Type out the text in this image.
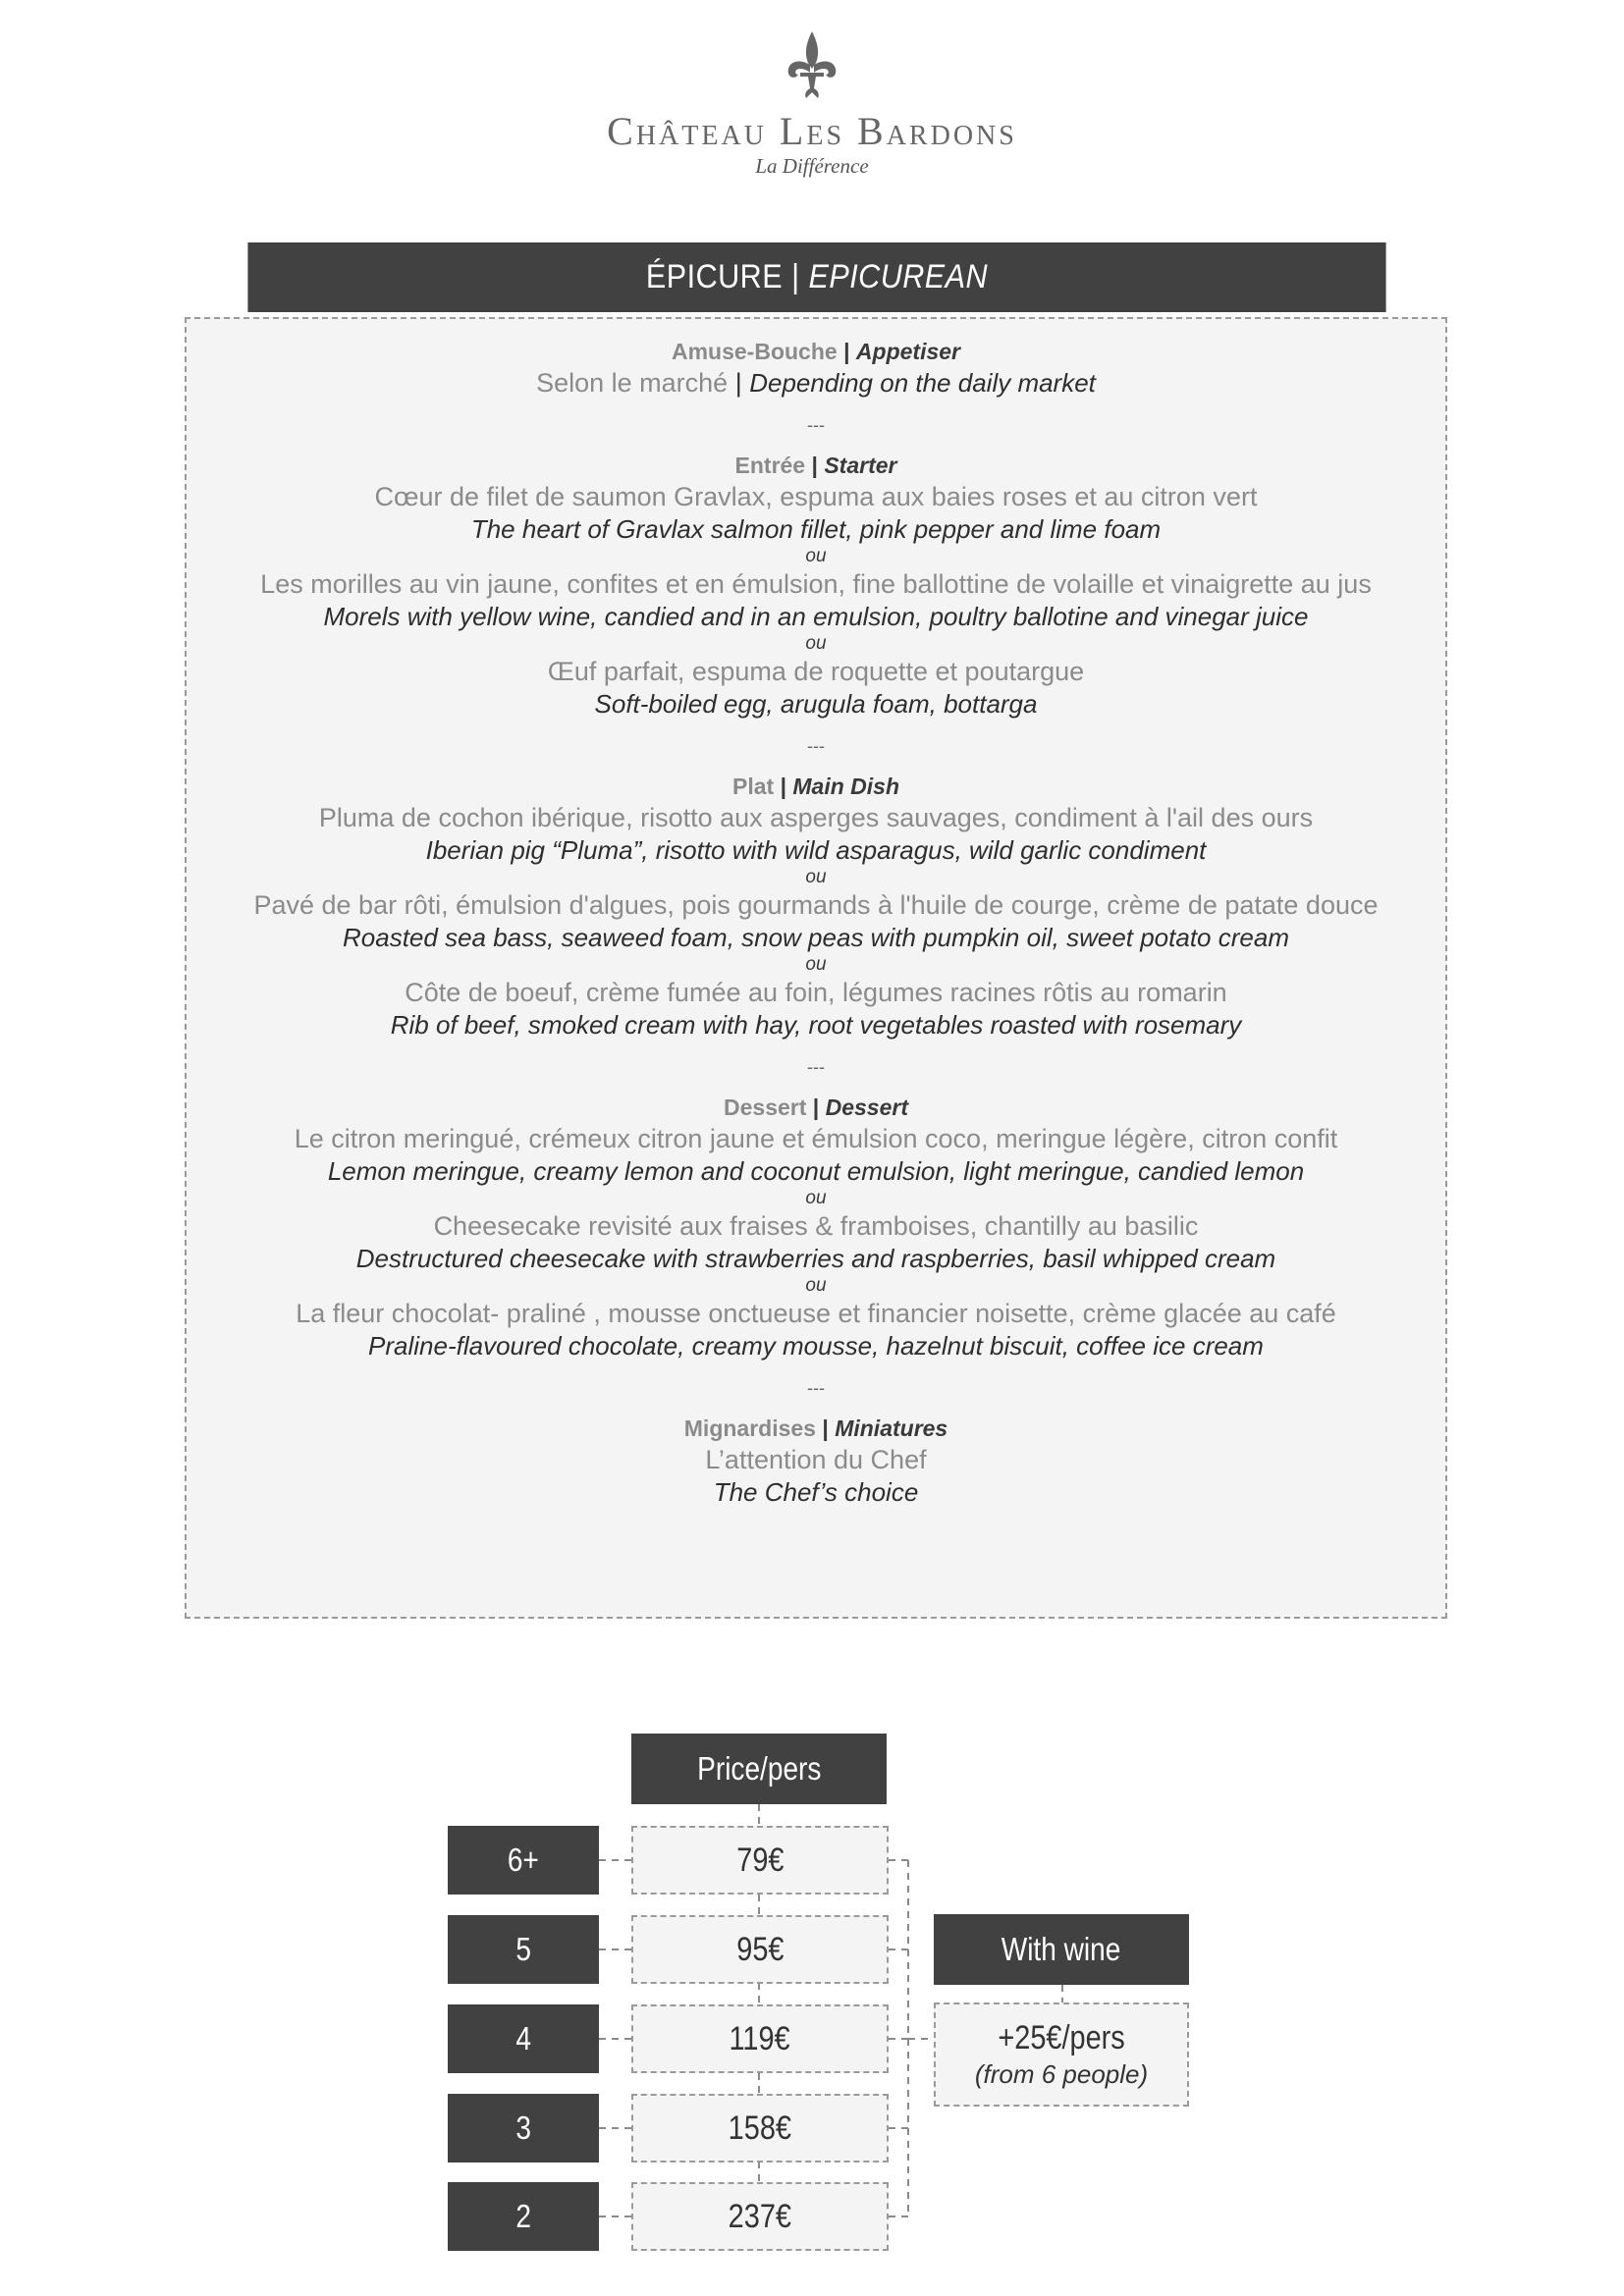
Château Les Bardons
La Différence
ÉPICURE | EPICUREAN
Amuse-Bouche | Appetiser
Selon le marché | Depending on the daily market
---
Entrée | Starter
Cœur de filet de saumon Gravlax, espuma aux baies roses et au citron vert
The heart of Gravlax salmon fillet, pink pepper and lime foam
ou
Les morilles au vin jaune, confites et en émulsion, fine ballottine de volaille et vinaigrette au jus
Morels with yellow wine, candied and in an emulsion, poultry ballotine and vinegar juice
ou
Œuf parfait, espuma de roquette et poutargue
Soft-boiled egg, arugula foam, bottarga
---
Plat | Main Dish
Pluma de cochon ibérique, risotto aux asperges sauvages, condiment à l'ail des ours
Iberian pig “Pluma”, risotto with wild asparagus, wild garlic condiment
ou
Pavé de bar rôti, émulsion d'algues, pois gourmands à l'huile de courge, crème de patate douce
Roasted sea bass, seaweed foam, snow peas with pumpkin oil, sweet potato cream
ou
Côte de boeuf, crème fumée au foin, légumes racines rôtis au romarin
Rib of beef, smoked cream with hay, root vegetables roasted with rosemary
---
Dessert | Dessert
Le citron meringué, crémeux citron jaune et émulsion coco, meringue légère, citron confit
Lemon meringue, creamy lemon and coconut emulsion, light meringue, candied lemon
ou
Cheesecake revisité aux fraises & framboises, chantilly au basilic
Destructured cheesecake with strawberries and raspberries, basil whipped cream
ou
La fleur chocolat- praliné , mousse onctueuse et financier noisette, crème glacée au café
Praline-flavoured chocolate, creamy mousse, hazelnut biscuit, coffee ice cream
---
Mignardises | Miniatures
L’attention du Chef
The Chef’s choice
Price/pers
6+	79€
5	95€
4	119€
3	158€
2	237€
With wine
+25€/pers
(from 6 people)
